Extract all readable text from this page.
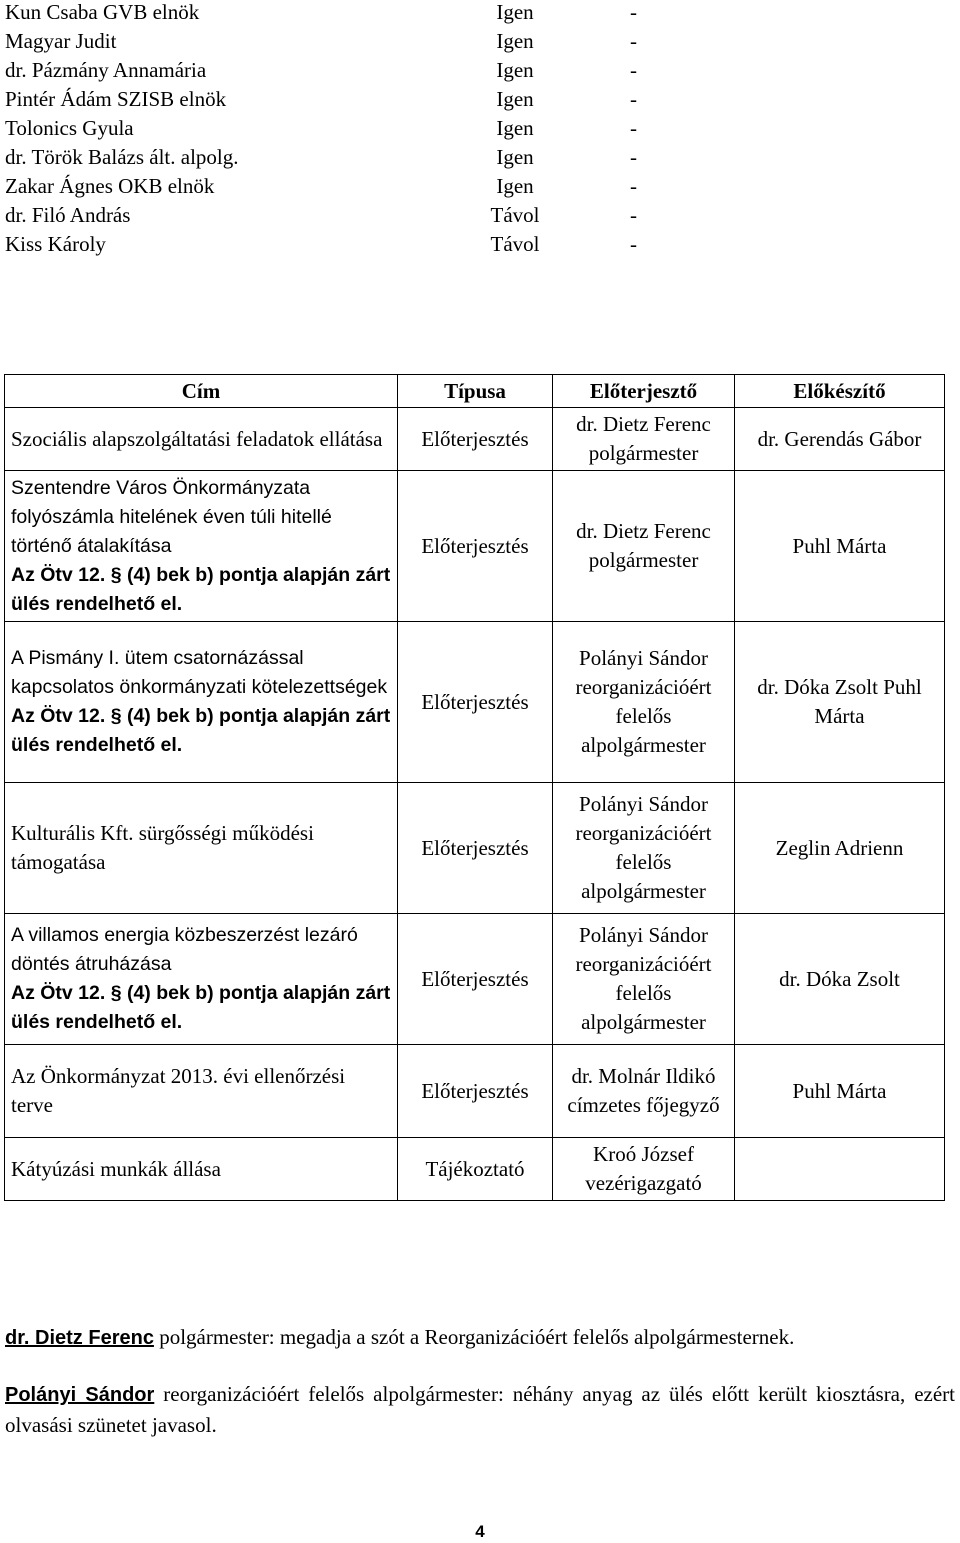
Kun Csaba GVB elnök	Igen	-
Magyar Judit	Igen	-
dr. Pázmány Annamária	Igen	-
Pintér Ádám SZISB elnök	Igen	-
Tolonics Gyula	Igen	-
dr. Török Balázs ált. alpolg.	Igen	-
Zakar Ágnes OKB elnök	Igen	-
dr. Filó András	Távol	-
Kiss Károly	Távol	-
Cím	Típusa	Előterjesztő	Előkészítő

Szociális alapszolgáltatási feladatok ellátása	Előterjesztés	dr. Dietz Ferenc polgármester	dr. Gerendás Gábor

Szentendre Város Önkormányzata folyószámla hitelének éven túli hitellé történő átalakítása
Az Ötv 12. § (4) bek b) pontja alapján zárt ülés rendelhető el.	Előterjesztés	dr. Dietz Ferenc polgármester	Puhl Márta

A Pismány I. ütem csatornázással kapcsolatos önkormányzati kötelezettségek
Az Ötv 12. § (4) bek b) pontja alapján zárt ülés rendelhető el.	Előterjesztés	Polányi Sándor reorganizációért felelős alpolgármester	dr. Dóka Zsolt Puhl Márta

Kulturális Kft. sürgősségi működési támogatása	Előterjesztés	Polányi Sándor reorganizációért felelős alpolgármester	Zeglin Adrienn

A villamos energia közbeszerzést lezáró döntés átruházása
Az Ötv 12. § (4) bek b) pontja alapján zárt ülés rendelhető el.	Előterjesztés	Polányi Sándor reorganizációért felelős alpolgármester	dr. Dóka Zsolt

Az Önkormányzat 2013. évi ellenőrzési terve	Előterjesztés	dr. Molnár Ildikó címzetes főjegyző	Puhl Márta

Kátyúzási munkák állása	Tájékoztató	Kroó József vezérigazgató	

dr. Dietz Ferenc polgármester: megadja a szót a Reorganizációért felelős alpolgármesternek.

Polányi Sándor reorganizációért felelős alpolgármester: néhány anyag az ülés előtt került kiosztásra, ezért olvasási szünetet javasol.

4
